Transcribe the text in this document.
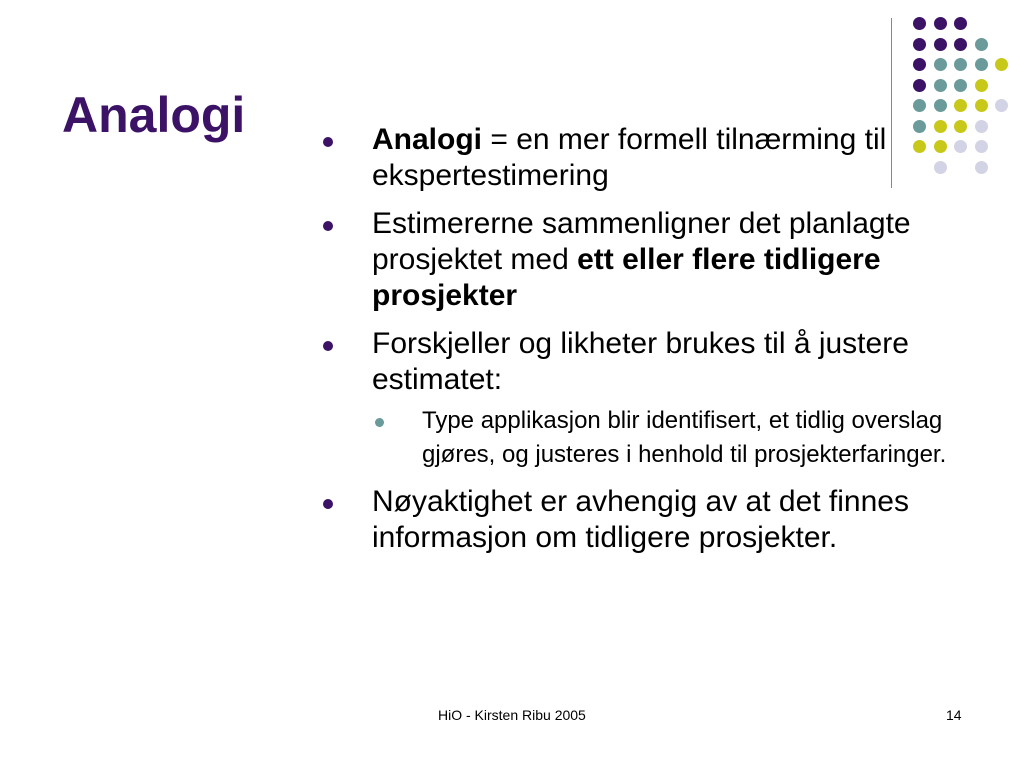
Analogi	Analogi = en mer formell tilnærming til ekspertestimering
Estimererne sammenligner det planlagte prosjektet med ett eller flere tidligere prosjekter
Forskjeller og likheter brukes til å justere estimatet:
Type applikasjon blir identifisert, et tidlig overslag gjøres, og justeres i henhold til prosjekterfaringer.
Nøyaktighet er avhengig av at det finnes informasjon om tidligere prosjekter.
HiO - Kirsten Ribu 2005	14
